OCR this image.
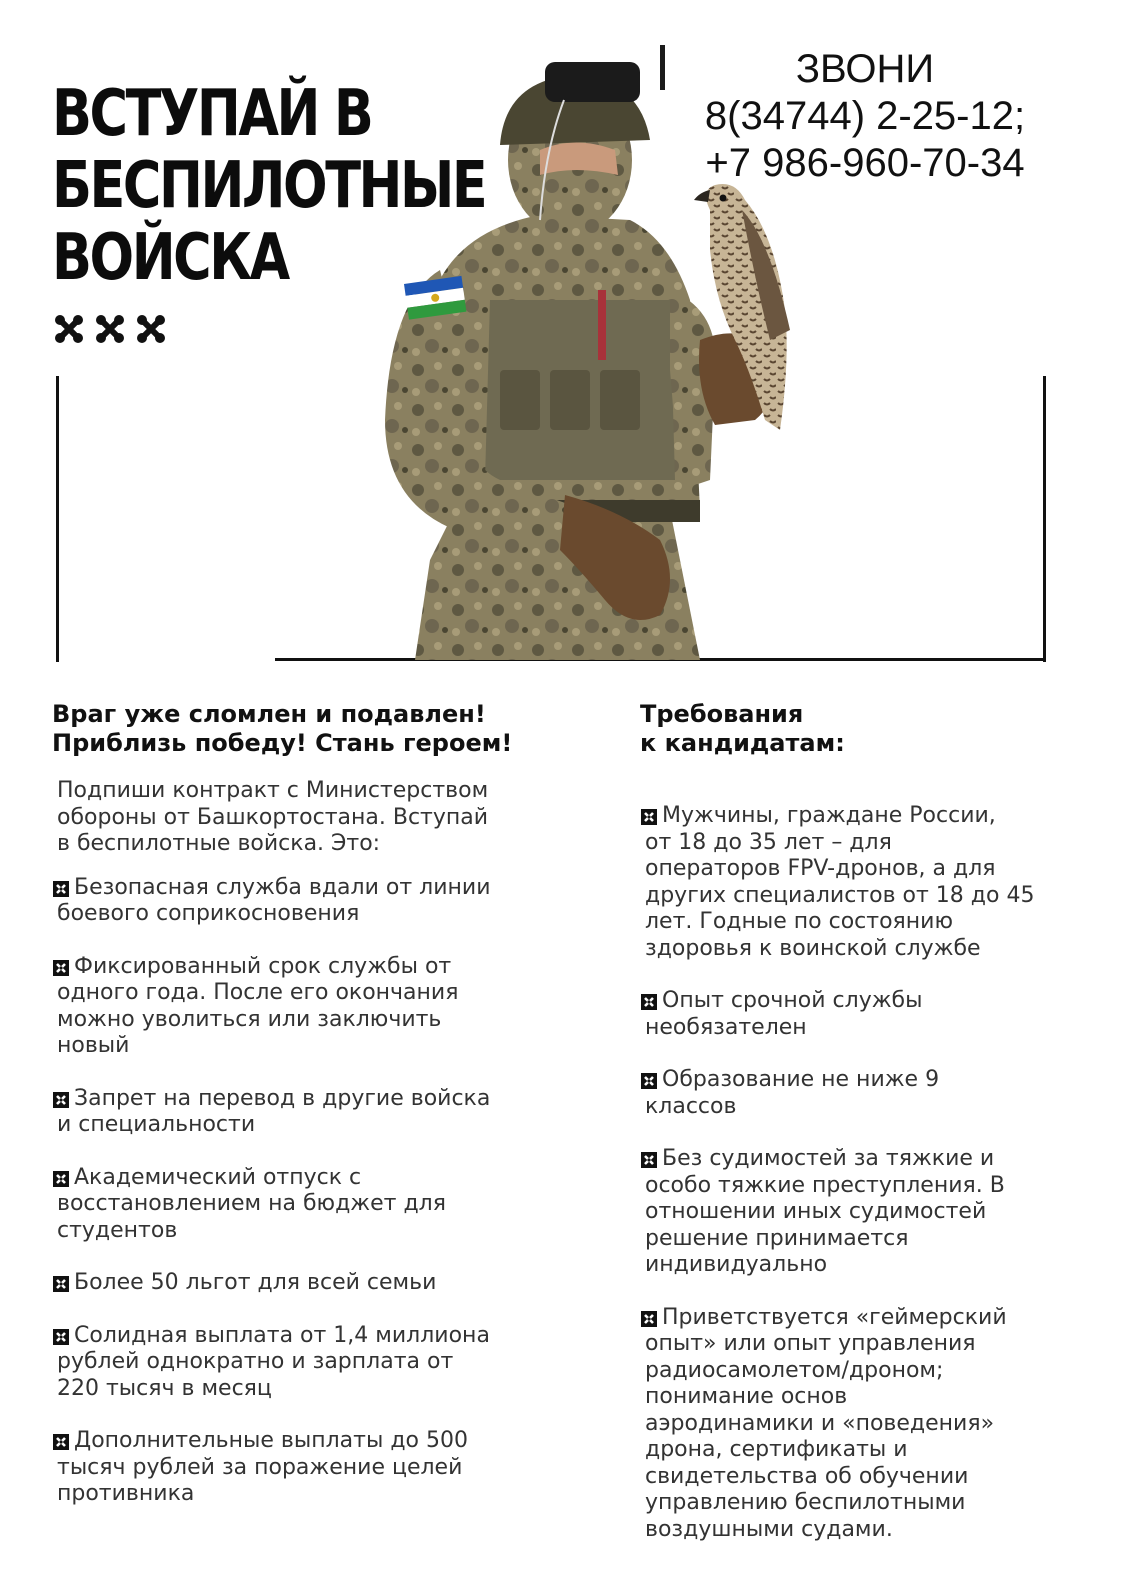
ВСТУПАЙ В
БЕСПИЛОТНЫЕ
ВОЙСКА
ЗВОНИ
8(34744) 2-25-12;
+7 986-960-70-34
Враг уже сломлен и подавлен!
Приблизь победу! Стань героем!

Подпиши контракт с Министерством
обороны от Башкортостана. Вступай
в беспилотные войска. Это:

Безопасная служба вдали от линии
боевого соприкосновения
Фиксированный срок службы от
одного года. После его окончания
можно уволиться или заключить
новый
Запрет на перевод в другие войска
и специальности
Академический отпуск с
восстановлением на бюджет для
студентов
Более 50 льгот для всей семьи
Солидная выплата от 1,4 миллиона
рублей однократно и зарплата от
220 тысяч в месяц
Дополнительные выплаты до 500
тысяч рублей за поражение целей
противника
Требования
к кандидатам:
Мужчины, граждане России,
от 18 до 35 лет – для
операторов FPV-дронов, а для
других специалистов от 18 до 45
лет. Годные по состоянию
здоровья к воинской службе
Опыт срочной службы
необязателен
Образование не ниже 9
классов
Без судимостей за тяжкие и
особо тяжкие преступления. В
отношении иных судимостей
решение принимается
индивидуально
Приветствуется «геймерский
опыт» или опыт управления
радиосамолетом/дроном;
понимание основ
аэродинамики и «поведения»
дрона, сертификаты и
свидетельства об обучении
управлению беспилотными
воздушными судами.
